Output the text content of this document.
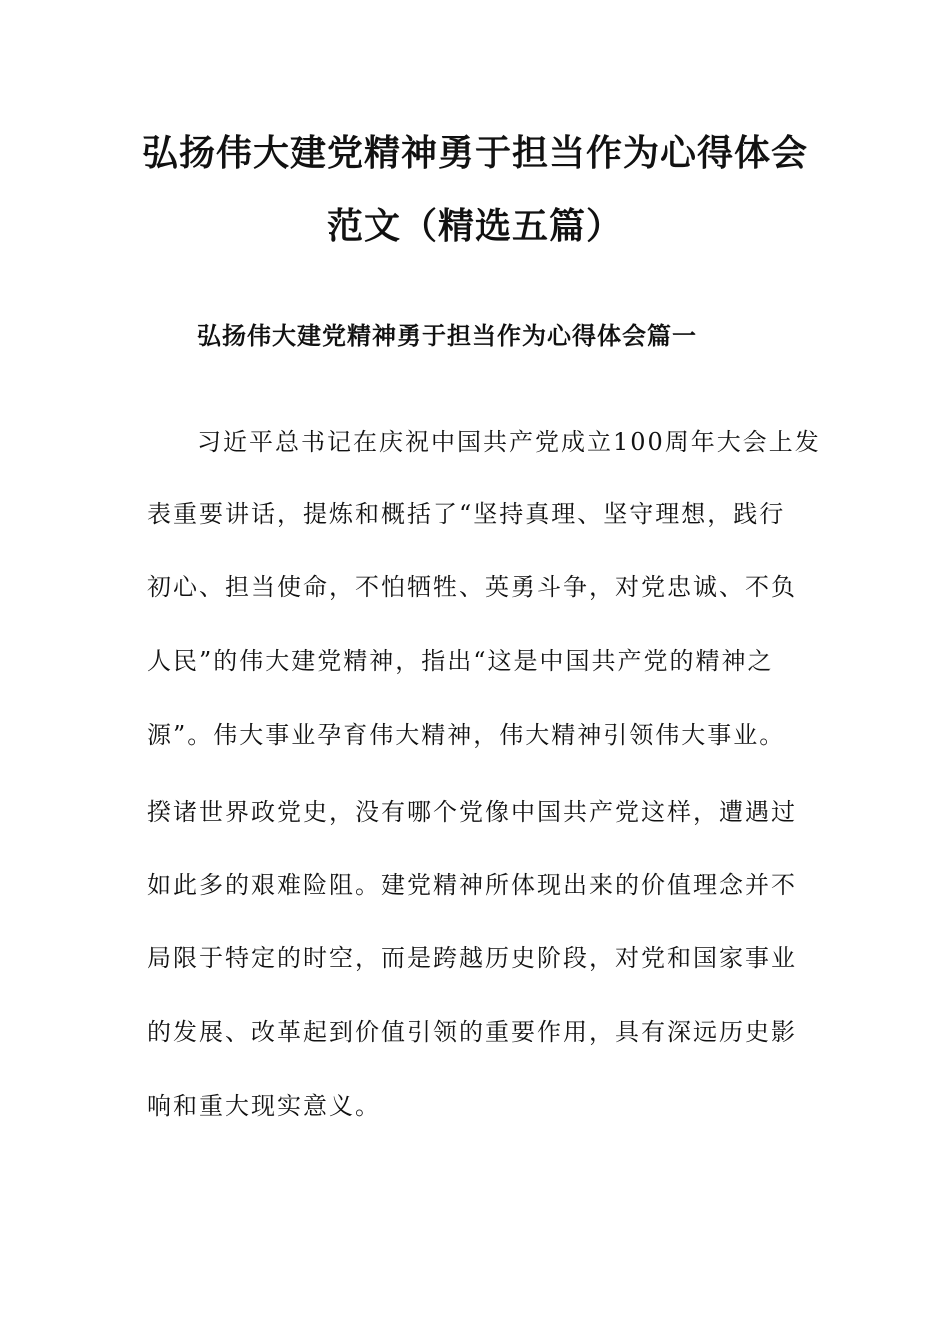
弘扬伟大建党精神勇于担当作为心得体会
范文（精选五篇）
弘扬伟大建党精神勇于担当作为心得体会篇一
习近平总书记在庆祝中国共产党成立100周年大会上发
表重要讲话，提炼和概括了“坚持真理、坚守理想，践行
初心、担当使命，不怕牺牲、英勇斗争，对党忠诚、不负
人民”的伟大建党精神，指出“这是中国共产党的精神之
源”。伟大事业孕育伟大精神，伟大精神引领伟大事业。
揆诸世界政党史，没有哪个党像中国共产党这样，遭遇过
如此多的艰难险阻。建党精神所体现出来的价值理念并不
局限于特定的时空，而是跨越历史阶段，对党和国家事业
的发展、改革起到价值引领的重要作用，具有深远历史影
响和重大现实意义。
